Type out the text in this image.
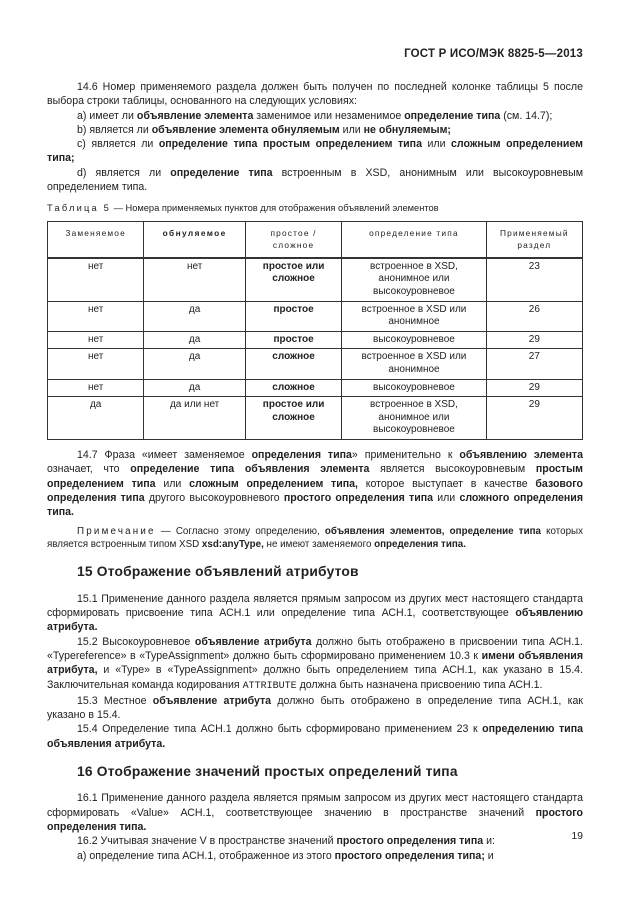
ГОСТ Р ИСО/МЭК 8825-5—2013

14.6 Номер применяемого раздела должен быть получен по последней колонке таблицы 5 после выбора строки таблицы, основанного на следующих условиях:

а) имеет ли объявление элемента заменимое или незаменимое определение типа (см. 14.7);

b) является ли объявление элемента обнуляемым или не обнуляемым;

с) является ли определение типа простым определением типа или сложным определением типа;

d) является ли определение типа встроенным в XSD, анонимным или высокоуровневым определением типа.

Таблица 5 — Номера применяемых пунктов для отображения объявлений элементов

Заменяемое	обнуляемое	простое / сложное	определение типа	Применяемый раздел
нет	нет	простое или сложное	встроенное в XSD, анонимное или высокоуровневое	23
нет	да	простое	встроенное в XSD или анонимное	26
нет	да	простое	высокоуровневое	29
нет	да	сложное	встроенное в XSD или анонимное	27
нет	да	сложное	высокоуровневое	29
да	да или нет	простое или сложное	встроенное в XSD, анонимное или высокоуровневое	29

14.7 Фраза «имеет заменяемое определения типа» применительно к объявлению элемента означает, что определение типа объявления элемента является высокоуровневым простым определением типа или сложным определением типа, которое выступает в качестве базового определения типа другого высокоуровневого простого определения типа или сложного определения типа.

Примечание — Согласно этому определению, объявления элементов, определение типа которых является встроенным типом XSD xsd:anyType, не имеют заменяемого определения типа.

15 Отображение объявлений атрибутов

15.1 Применение данного раздела является прямым запросом из других мест настоящего стандарта сформировать присвоение типа АСН.1 или определение типа АСН.1, соответствующее объявлению атрибута.

15.2 Высокоуровневое объявление атрибута должно быть отображено в присвоении типа АСН.1. «Typereference» в «TypeAssignment» должно быть сформировано применением 10.3 к имени объявления атрибута, и «Type» в «TypeAssignment» должно быть определением типа АСН.1, как указано в 15.4. Заключительная команда кодирования ATTRIBUTE должна быть назначена присвоению типа АСН.1.

15.3 Местное объявление атрибута должно быть отображено в определение типа АСН.1, как указано в 15.4.

15.4 Определение типа АСН.1 должно быть сформировано применением 23 к определению типа объявления атрибута.

16 Отображение значений простых определений типа

16.1 Применение данного раздела является прямым запросом из других мест настоящего стандарта сформировать «Value» АСН.1, соответствующее значению в пространстве значений простого определения типа.

16.2 Учитывая значение V в пространстве значений простого определения типа и:

а) определение типа АСН.1, отображенное из этого простого определения типа; и

19
